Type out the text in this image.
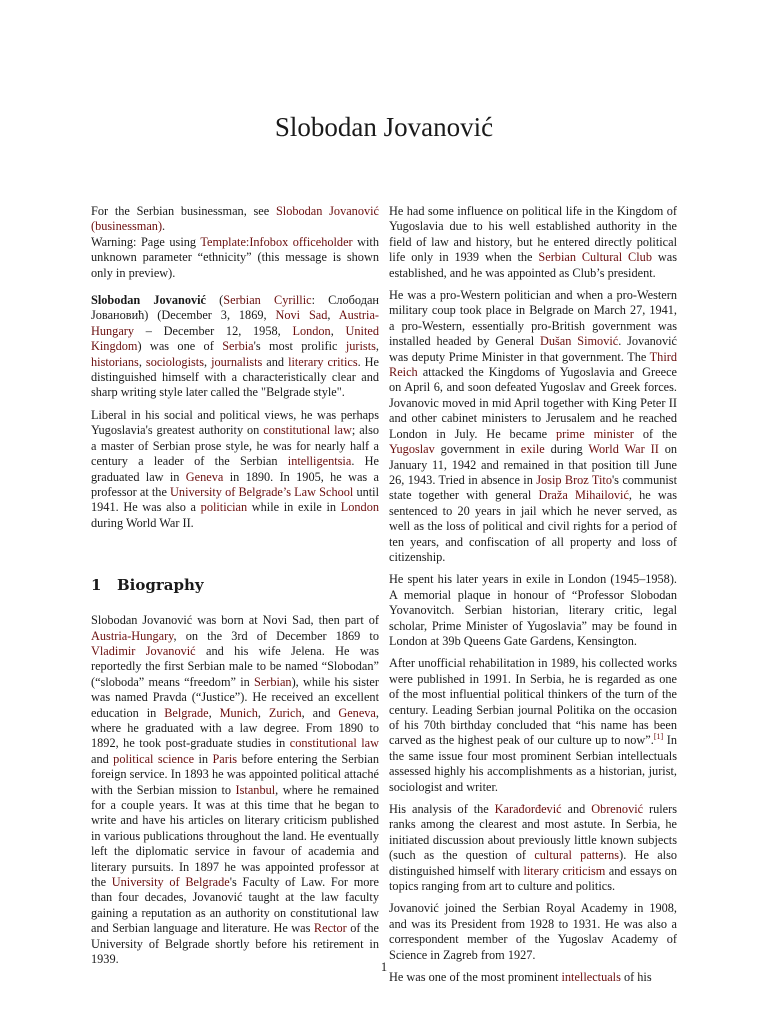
Slobodan Jovanović

For the Serbian businessman, see Slobodan Jovanović (businessman).
Warning: Page using Template:Infobox officeholder with unknown parameter “ethnicity” (this message is shown only in preview).

Slobodan Jovanović (Serbian Cyrillic: Слободан Јовановић) (December 3, 1869, Novi Sad, Austria-Hungary – December 12, 1958, London, United Kingdom) was one of Serbia's most prolific jurists, historians, sociologists, journalists and literary critics. He distinguished himself with a characteristically clear and sharp writing style later called the "Belgrade style".

Liberal in his social and political views, he was perhaps Yugoslavia's greatest authority on constitutional law; also a master of Serbian prose style, he was for nearly half a century a leader of the Serbian intelligentsia. He graduated law in Geneva in 1890. In 1905, he was a professor at the University of Belgrade’s Law School until 1941. He was also a politician while in exile in London during World War II.

1 Biography

Slobodan Jovanović was born at Novi Sad, then part of Austria-Hungary, on the 3rd of December 1869 to Vladimir Jovanović and his wife Jelena. He was reportedly the first Serbian male to be named “Slobodan” (“sloboda” means “freedom” in Serbian), while his sister was named Pravda (“Justice”). He received an excellent education in Belgrade, Munich, Zurich, and Geneva, where he graduated with a law degree. From 1890 to 1892, he took post-graduate studies in constitutional law and political science in Paris before entering the Serbian foreign service. In 1893 he was appointed political attaché with the Serbian mission to Istanbul, where he remained for a couple years. It was at this time that he began to write and have his articles on literary criticism published in various publications throughout the land. He eventually left the diplomatic service in favour of academia and literary pursuits. In 1897 he was appointed professor at the University of Belgrade's Faculty of Law. For more than four decades, Jovanović taught at the law faculty gaining a reputation as an authority on constitutional law and Serbian language and literature. He was Rector of the University of Belgrade shortly before his retirement in 1939.

He had some influence on political life in the Kingdom of Yugoslavia due to his well established authority in the field of law and history, but he entered directly political life only in 1939 when the Serbian Cultural Club was established, and he was appointed as Club’s president.

He was a pro-Western politician and when a pro-Western military coup took place in Belgrade on March 27, 1941, a pro-Western, essentially pro-British government was installed headed by General Dušan Simović. Jovanović was deputy Prime Minister in that government. The Third Reich attacked the Kingdoms of Yugoslavia and Greece on April 6, and soon defeated Yugoslav and Greek forces. Jovanovic moved in mid April together with King Peter II and other cabinet ministers to Jerusalem and he reached London in July. He became prime minister of the Yugoslav government in exile during World War II on January 11, 1942 and remained in that position till June 26, 1943. Tried in absence in Josip Broz Tito's communist state together with general Draža Mihailović, he was sentenced to 20 years in jail which he never served, as well as the loss of political and civil rights for a period of ten years, and confiscation of all property and loss of citizenship.

He spent his later years in exile in London (1945–1958). A memorial plaque in honour of “Professor Slobodan Yovanovitch. Serbian historian, literary critic, legal scholar, Prime Minister of Yugoslavia” may be found in London at 39b Queens Gate Gardens, Kensington.

After unofficial rehabilitation in 1989, his collected works were published in 1991. In Serbia, he is regarded as one of the most influential political thinkers of the turn of the century. Leading Serbian journal Politika on the occasion of his 70th birthday concluded that “his name has been carved as the highest peak of our culture up to now”.[1] In the same issue four most prominent Serbian intellectuals assessed highly his accomplishments as a historian, jurist, sociologist and writer.

His analysis of the Karađorđević and Obrenović rulers ranks among the clearest and most astute. In Serbia, he initiated discussion about previously little known subjects (such as the question of cultural patterns). He also distinguished himself with literary criticism and essays on topics ranging from art to culture and politics.

Jovanović joined the Serbian Royal Academy in 1908, and was its President from 1928 to 1931. He was also a correspondent member of the Yugoslav Academy of Science in Zagreb from 1927.

He was one of the most prominent intellectuals of his

1
